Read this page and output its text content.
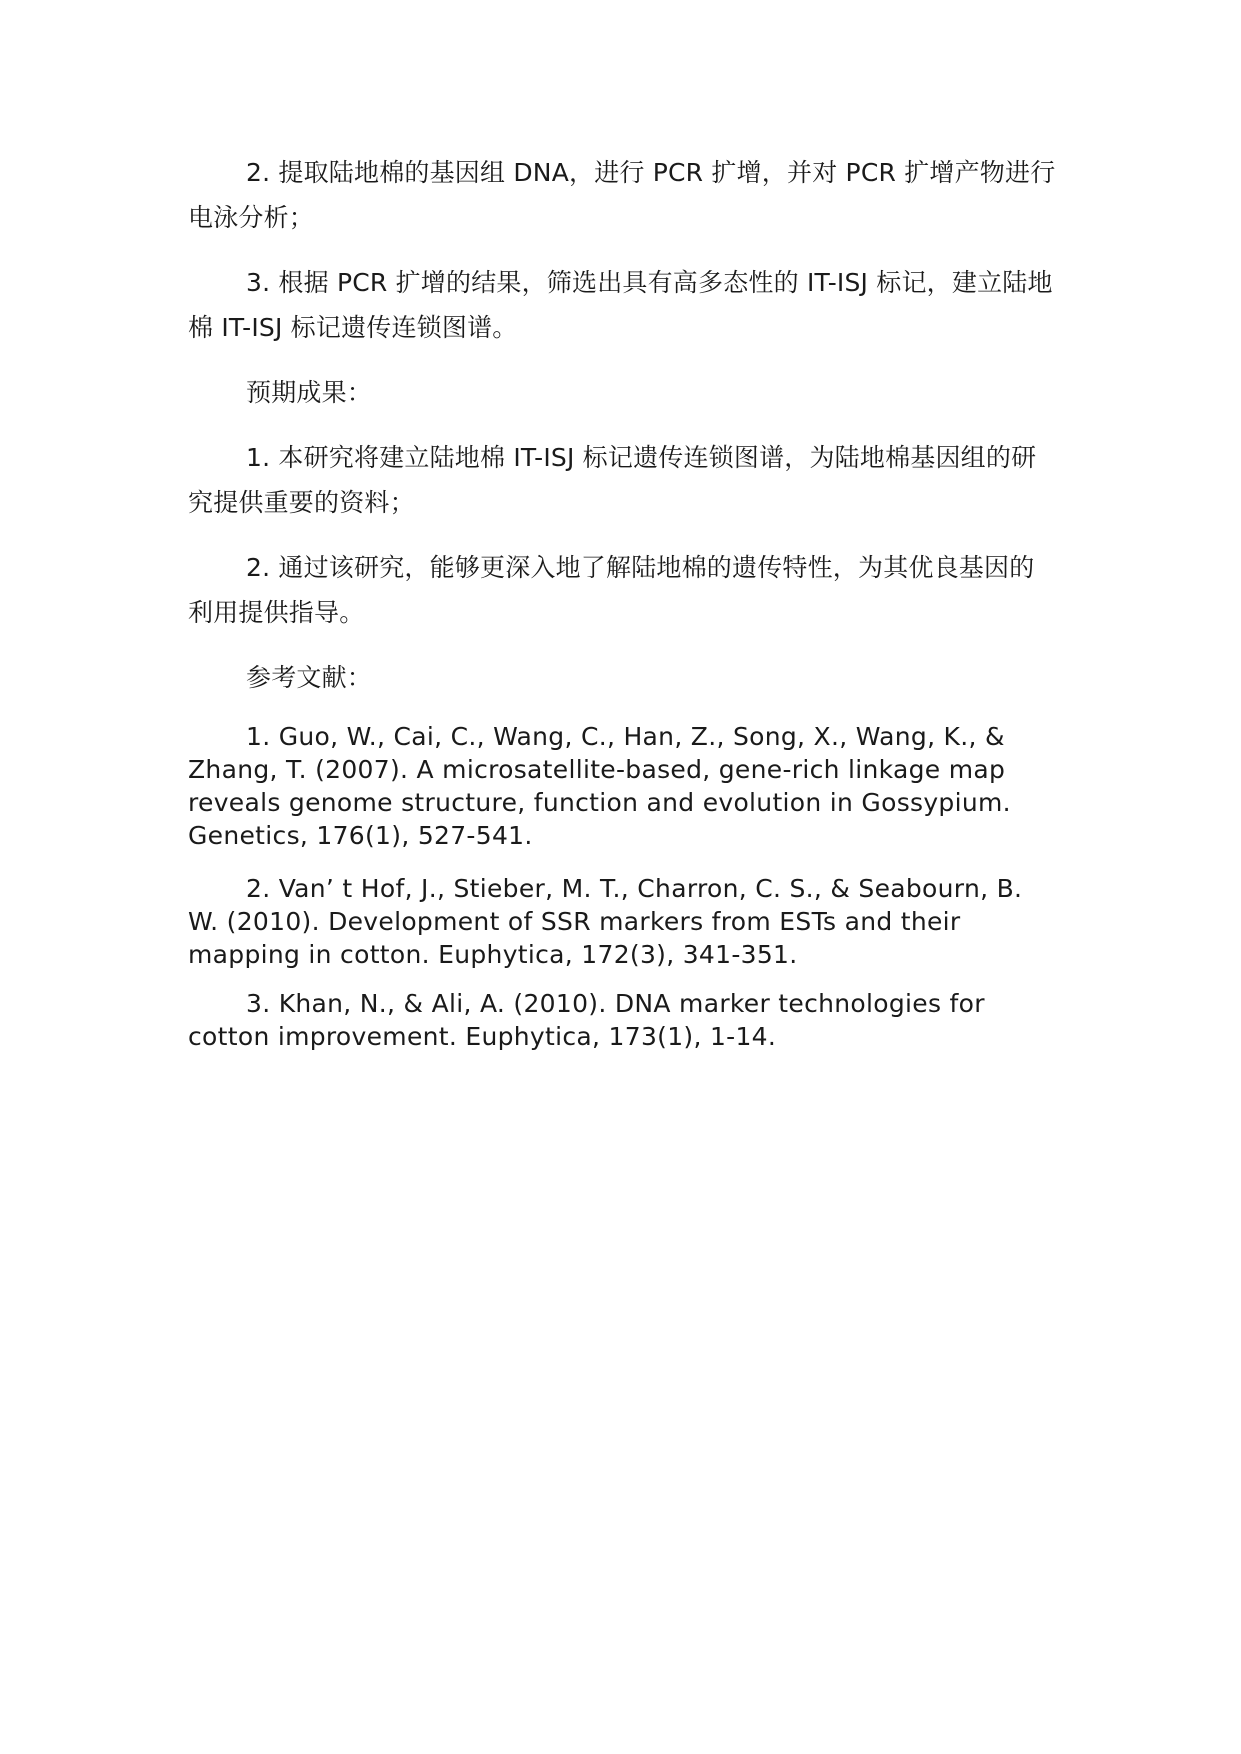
2. 提取陆地棉的基因组 DNA，进行 PCR 扩增，并对 PCR 扩增产物进行电泳分析；

3. 根据 PCR 扩增的结果，筛选出具有高多态性的 IT-ISJ 标记，建立陆地棉 IT-ISJ 标记遗传连锁图谱。

预期成果：

1. 本研究将建立陆地棉 IT-ISJ 标记遗传连锁图谱，为陆地棉基因组的研究提供重要的资料；

2. 通过该研究，能够更深入地了解陆地棉的遗传特性，为其优良基因的利用提供指导。

参考文献：

1. Guo, W., Cai, C., Wang, C., Han, Z., Song, X., Wang, K., & Zhang, T. (2007). A microsatellite-based, gene-rich linkage map reveals genome structure, function and evolution in Gossypium. Genetics, 176(1), 527-541.

2. Van’ t Hof, J., Stieber, M. T., Charron, C. S., & Seabourn, B. W. (2010). Development of SSR markers from ESTs and their mapping in cotton. Euphytica, 172(3), 341-351.

3. Khan, N., & Ali, A. (2010). DNA marker technologies for cotton improvement. Euphytica, 173(1), 1-14.
